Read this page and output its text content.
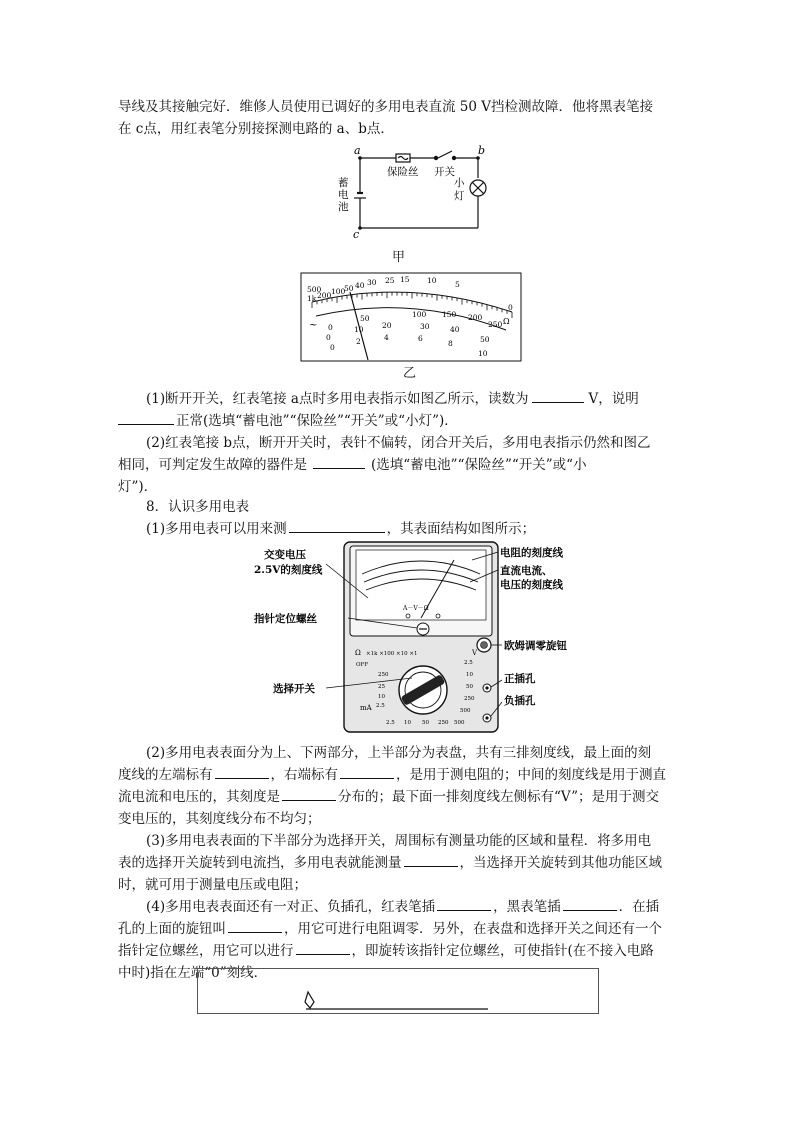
导线及其接触完好．维修人员使用已调好的多用电表直流 50 V挡检测故障．他将黑表笔接
在 c点，用红表笔分别接探测电路的 a、b点．
a	b
c
保险丝 开关
小
灯
蓄
电
池
甲
500
1k 200 100
50 40 30 25 15 10 5
0
Ω
~ 0
50	100 150 200
250
0
10 20	30	40
50
0
2	4	6
8
10
乙
(1)断开开关，红表笔接 a点时多用电表指示如图乙所示，读数为	V，说明
正常(选填“蓄电池”“保险丝”“开关”或“小灯”)．
(2)红表笔接 b点，断开开关时，表针不偏转，闭合开关后，多用电表指示仍然和图乙
相同，可判定发生故障的器件是	(选填“蓄电池”“保险丝”“开关”或“小
灯”)．
8．认识多用电表
(1)多用电表可以用来测	，其表面结构如图所示；
A－V－Ω
Ω ×1k ×100 ×10 ×1	V
OFF
250
25
10
2.5
2.5
10
50
250
500
2.5 10 50 250 500
mA
交变电压
2.5V的刻度线
指针定位螺丝
选择开关
电阻的刻度线
直流电流、
电压的刻度线
欧姆调零旋钮
正插孔
负插孔
(2)多用电表表面分为上、下两部分，上半部分为表盘，共有三排刻度线，最上面的刻
度线的左端标有	，右端标有	，是用于测电阻的；中间的刻度线是用于测直
流电流和电压的，其刻度是	分布的；最下面一排刻度线左侧标有“V”；是用于测交
变电压的，其刻度线分布不均匀；
(3)多用电表表面的下半部分为选择开关，周围标有测量功能的区域和量程．将多用电
表的选择开关旋转到电流挡，多用电表就能测量	，当选择开关旋转到其他功能区域
时，就可用于测量电压或电阻；
(4)多用电表表面还有一对正、负插孔，红表笔插	，黑表笔插	．在插
孔的上面的旋钮叫	，用它可进行电阻调零．另外，在表盘和选择开关之间还有一个
指针定位螺丝，用它可以进行	，即旋转该指针定位螺丝，可使指针(在不接入电路
中时)指在左端“0”刻线．
